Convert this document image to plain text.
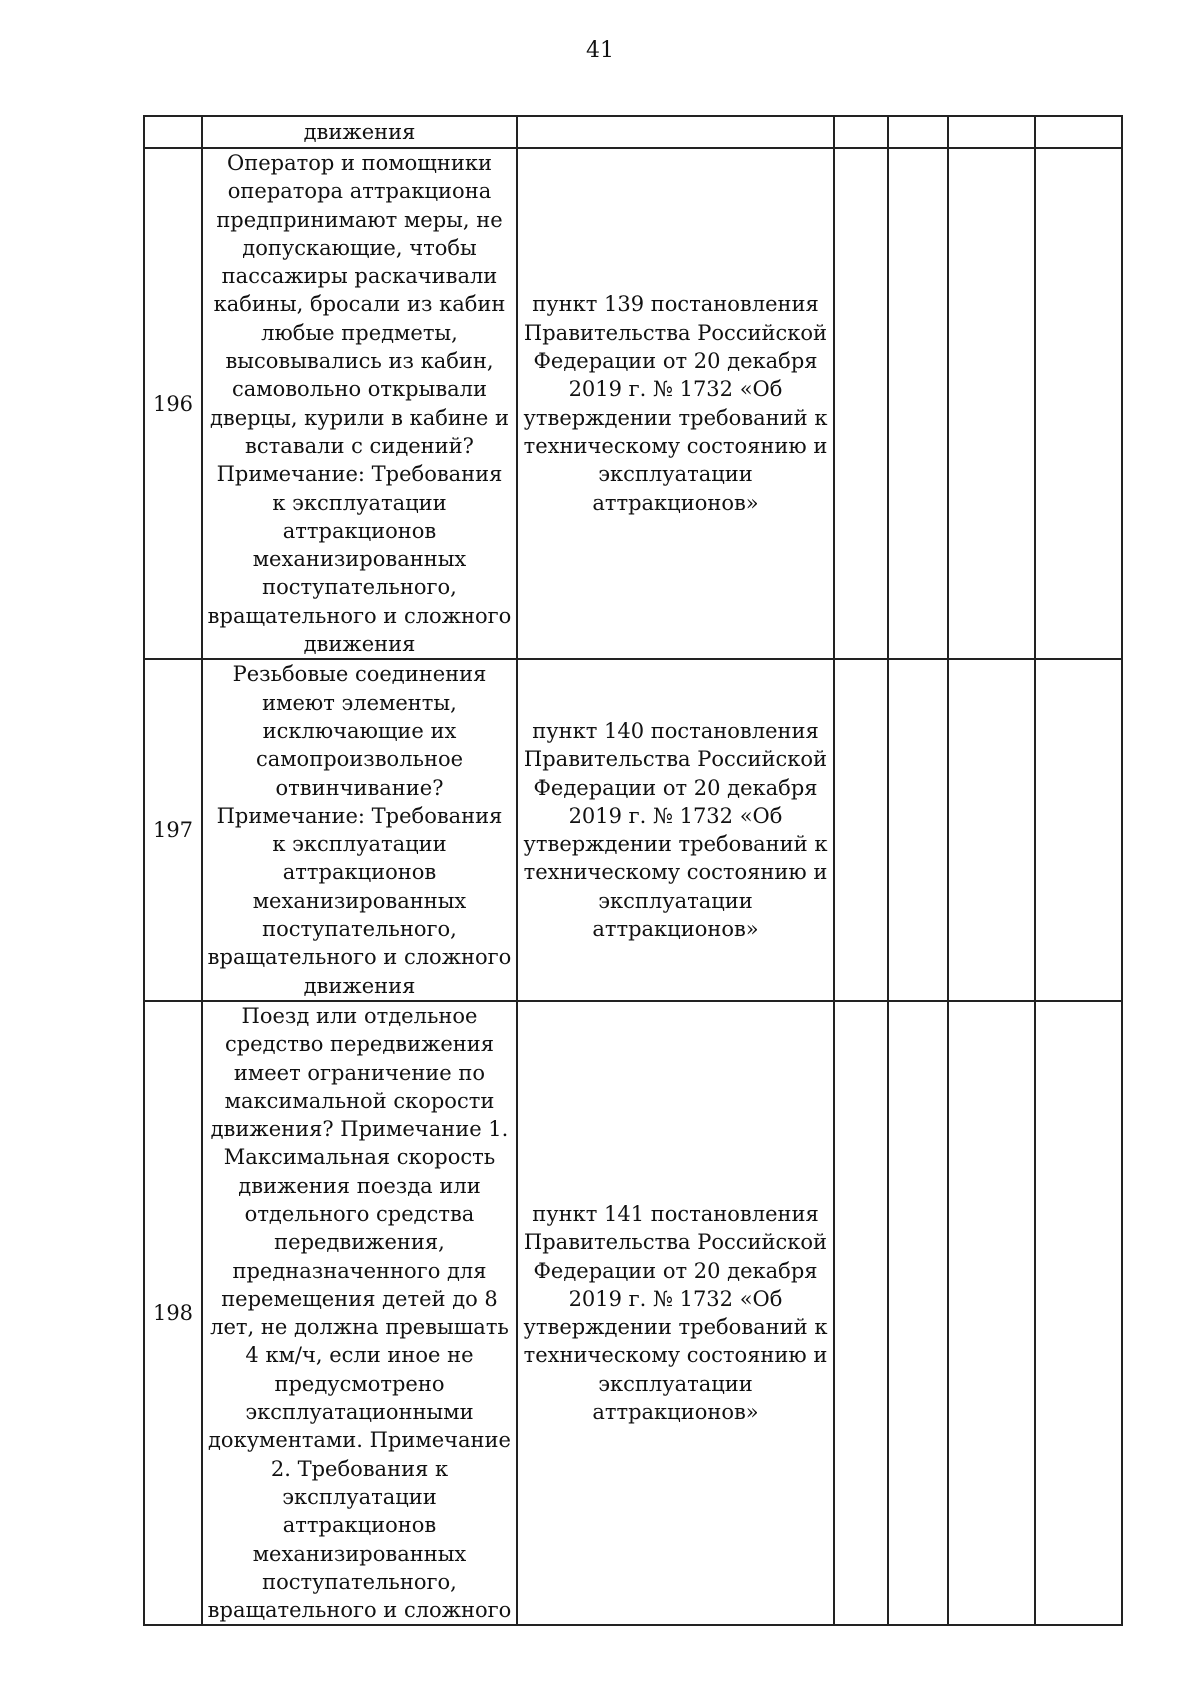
41
	движения					
196	Оператор и помощники оператора аттракциона предпринимают меры, не допускающие, чтобы пассажиры раскачивали кабины, бросали из кабин любые предметы, высовывались из кабин, самовольно открывали дверцы, курили в кабине и вставали с сидений? Примечание: Требования к эксплуатации аттракционов механизированных поступательного, вращательного и сложного движения	пункт 139 постановления Правительства Российской Федерации от 20 декабря 2019 г. № 1732 «Об утверждении требований к техническому состоянию и эксплуатации аттракционов»				
197	Резьбовые соединения имеют элементы, исключающие их самопроизвольное отвинчивание? Примечание: Требования к эксплуатации аттракционов механизированных поступательного, вращательного и сложного движения	пункт 140 постановления Правительства Российской Федерации от 20 декабря 2019 г. № 1732 «Об утверждении требований к техническому состоянию и эксплуатации аттракционов»				
198	Поезд или отдельное средство передвижения имеет ограничение по максимальной скорости движения? Примечание 1. Максимальная скорость движения поезда или отдельного средства передвижения, предназначенного для перемещения детей до 8 лет, не должна превышать 4 км/ч, если иное не предусмотрено эксплуатационными документами. Примечание 2. Требования к эксплуатации аттракционов механизированных поступательного, вращательного и сложного	пункт 141 постановления Правительства Российской Федерации от 20 декабря 2019 г. № 1732 «Об утверждении требований к техническому состоянию и эксплуатации аттракционов»				
